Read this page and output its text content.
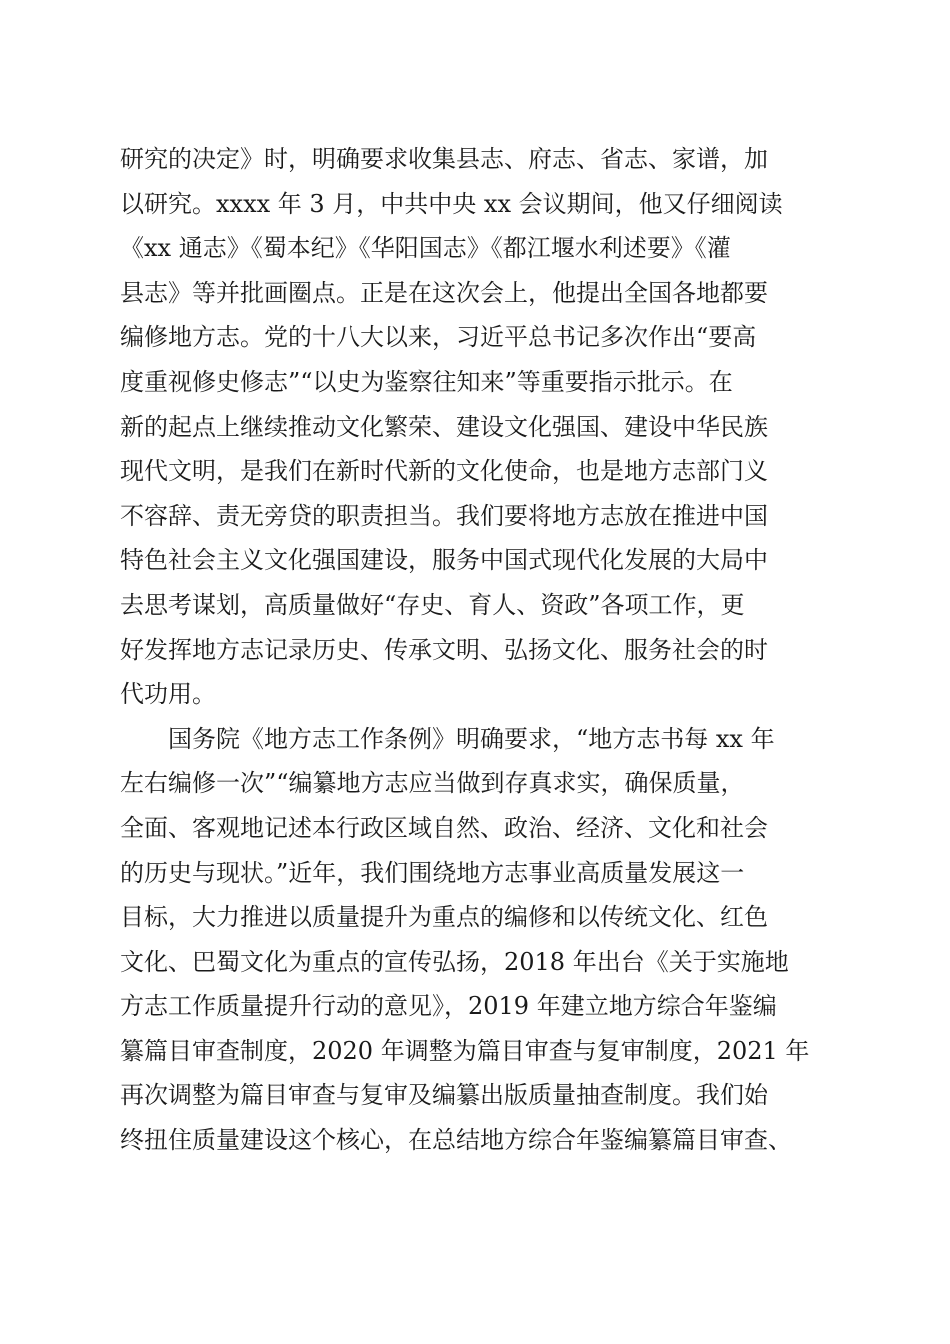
研究的决定》时，明确要求收集县志、府志、省志、家谱，加
以研究。xxxx 年 3 月，中共中央 xx 会议期间，他又仔细阅读
《xx 通志》《蜀本纪》《华阳国志》《都江堰水利述要》《灌
县志》等并批画圈点。正是在这次会上，他提出全国各地都要
编修地方志。党的十八大以来，习近平总书记多次作出“要高
度重视修史修志”“以史为鉴察往知来”等重要指示批示。在
新的起点上继续推动文化繁荣、建设文化强国、建设中华民族
现代文明，是我们在新时代新的文化使命，也是地方志部门义
不容辞、责无旁贷的职责担当。我们要将地方志放在推进中国
特色社会主义文化强国建设，服务中国式现代化发展的大局中
去思考谋划，高质量做好“存史、育人、资政”各项工作，更
好发挥地方志记录历史、传承文明、弘扬文化、服务社会的时
代功用。
国务院《地方志工作条例》明确要求，“地方志书每 xx 年
左右编修一次”“编纂地方志应当做到存真求实，确保质量，
全面、客观地记述本行政区域自然、政治、经济、文化和社会
的历史与现状。”近年，我们围绕地方志事业高质量发展这一
目标，大力推进以质量提升为重点的编修和以传统文化、红色
文化、巴蜀文化为重点的宣传弘扬，2018 年出台《关于实施地
方志工作质量提升行动的意见》，2019 年建立地方综合年鉴编
纂篇目审查制度，2020 年调整为篇目审查与复审制度，2021 年
再次调整为篇目审查与复审及编纂出版质量抽查制度。我们始
终扭住质量建设这个核心，在总结地方综合年鉴编纂篇目审查、
